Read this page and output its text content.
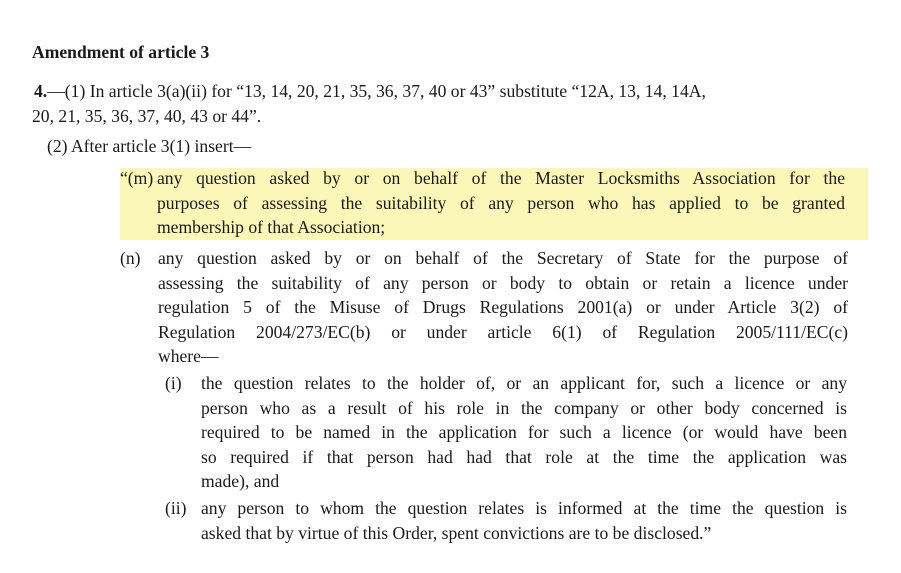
Amendment of article 3
4.—(1) In article 3(a)(ii) for “13, 14, 20, 21, 35, 36, 37, 40 or 43” substitute “12A, 13, 14, 14A,
20, 21, 35, 36, 37, 40, 43 or 44”.
(2) After article 3(1) insert—
“(m) any question asked by or on behalf of the Master Locksmiths Association for the
purposes of assessing the suitability of any person who has applied to be granted
membership of that Association;
(n) any question asked by or on behalf of the Secretary of State for the purpose of
assessing the suitability of any person or body to obtain or retain a licence under
regulation 5 of the Misuse of Drugs Regulations 2001(a) or under Article 3(2) of
Regulation 2004/273/EC(b) or under article 6(1) of Regulation 2005/111/EC(c)
where—
(i)	the question relates to the holder of, or an applicant for, such a licence or any
person who as a result of his role in the company or other body concerned is
required to be named in the application for such a licence (or would have been
so required if that person had had that role at the time the application was
made), and
(ii) any person to whom the question relates is informed at the time the question is
asked that by virtue of this Order, spent convictions are to be disclosed.”
